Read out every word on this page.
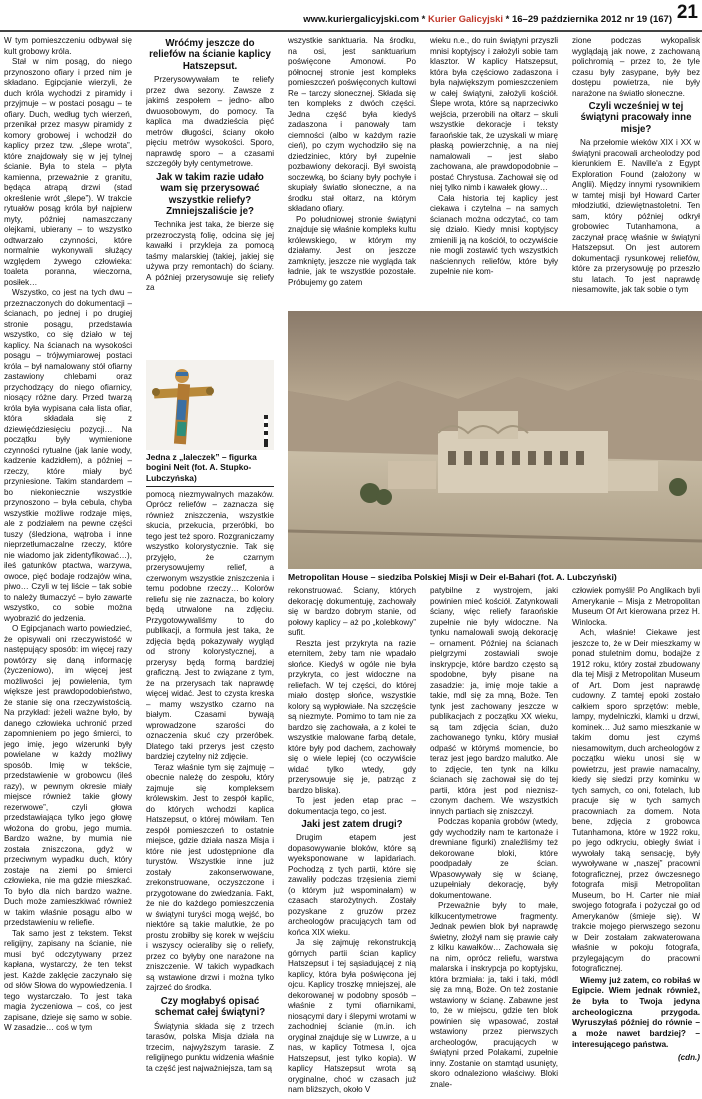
www.kuriergalicyjski.com * Kurier Galicyjski * 16–29 października 2012 nr 19 (167) 21

W tym pomieszczeniu odbywał się kult grobowy króla.

Stał w nim posąg, do niego przynoszono ofiary i przed nim je składano. Egipcjanie wierzyli, że duch króla wychodzi z piramidy i przyjmuje – w postaci posągu – te ofiary. Duch, według tych wierzeń, przenikał przez masyw piramidy z komory grobowej i wchodził do kaplicy przez tzw. „ślepe wrota”, które znajdowały się w jej tylnej ścianie. Była to stela – płyta kamienna, przeważnie z granitu, będąca atrapą drzwi (stad określenie wrót „ślepe”). W trakcie rytuałów posąg króla był najpierw myty, później namaszczany olejkami, ubierany – to wszystko odtwarzało czynności, które normalnie wykonywali służący względem żywego człowieka: toaleta poranna, wieczorna, posiłek…

Wszystko, co jest na tych dwu – przeznaczonych do dokumentacji – ścianach, po jednej i po drugiej stronie posągu, przedstawia wszystko, co się działo w tej kaplicy. Na ścianach na wysokości posągu – trójwymiarowej postaci króla – był namalowany stół ofiarny zastawiony chlebami oraz przychodzący do niego ofiarnicy, niosący różne dary. Przed twarzą króla była wypisana cała lista ofiar, która składała się z dziewięćdziesięciu pozycji… Na początku były wymienione czynności rytualne (jak lanie wody, kadzenie kadzidłem), a później – rzeczy, które miały być przyniesione. Takim standardem – bo niekoniecznie wszystkie przynoszono – była cebula, chyba wszystkie możliwe rodzaje mięs, ale z podziałem na pewne części tuszy (śledziona, wątroba i inne nieprzetłumaczalne rzeczy, które nie wiadomo jak zidentyfikować…), ileś gatunków ptactwa, warzywa, owoce, pięć bodaje rodzajów wina, piwo… Czyli w tej liście – tak sobie to należy tłumaczyć – było zawarte wszystko, co sobie można wyobrazić do jedzenia.

O Egipcjanach warto powiedzieć, że opisywali oni rzeczywistość w następujący sposób: im więcej razy powtórzy się daną informację (życzeniowo), im więcej jest możliwości jej powielenia, tym większe jest prawdopodobieństwo, że stanie się ona rzeczywistością. Na przykład: jeżeli ważne było, by danego człowieka uchronić przed zapomnieniem po jego śmierci, to jego imię, jego wizerunki były powielane w każdy możliwy sposób. Imię w tekście, przedstawienie w grobowcu (ileś razy), w pewnym okresie miały miejsce również takie głowy rezerwowe”, czyli głowa przedstawiająca tylko jego głowę włożona do grobu, jego mumia. Bardzo ważne, by mumia nie została zniszczona, gdyż w przeciwnym wypadku duch, który zostaje na ziemi po śmierci człowieka, nie ma gdzie mieszkać. To było dla nich bardzo ważne. Duch może zamieszkiwać również w takim właśnie posągu albo w przedstawieniu w reliefie.

Tak samo jest z tekstem. Tekst religijny, zapisany na ścianie, nie musi być odczytywany przez kapłana, wystarczy, że ten tekst jest. Każde zaklęcie zaczynało się od słów Słowa do wypowiedzenia. I tego wystarczało. To jest taka magia życzeniowa – coś, co jest zapisane, dzieje się samo w sobie. W zasadzie… coś w tym

Wróćmy jeszcze do reliefów na ścianie kaplicy Hatszepsut.

Przerysowywałam te reliefy przez dwa sezony. Zawsze z jakimś zespołem – jedno- albo dwuosobowym, do pomocy. Ta kaplica ma dwadzieścia pięć metrów długości, ściany około pięciu metrów wysokości. Sporo, naprawdę sporo – a czasami szczegóły były centymetrowe.

Jak w takim razie udało wam się przerysować wszystkie reliefy? Zmniejszaliście je?

Technika jest taka, że bierze się przezroczystą folię, odcina się jej kawałki i przykleja za pomocą taśmy malarskiej (takiej, jakiej się używa przy remontach) do ściany. A później przerysowuje się reliefy za

Jedna z „laleczek” – figurka bogini Neit (fot. A. Stupko-Lubczyńska)

pomocą niezmywalnych mazaków. Oprócz reliefów – zaznacza się również zniszczenia, wszystkie skucia, przekucia, przeróbki, bo tego jest też sporo. Rozgraniczamy wszystko kolorystycznie. Tak się przyjęło, że czarnym przerysowujemy relief, a czerwonym wszystkie zniszczenia i temu podobne rzeczy… Kolorów reliefu się nie zaznacza, bo kolory będą utrwalone na zdjęciu. Przygotowywaliśmy to do publikacji, a formuła jest taka, że zdjęcia będą pokazywały wygląd od strony kolorystycznej, a przerysy będą formą bardziej graficzną. Jest to związane z tym, że na przerysach tak naprawdę więcej widać. Jest to czysta kreska – mamy wszystko czarno na białym. Czasami bywają wprowadzone szarości do oznaczenia skuć czy przeróbek. Dlatego taki przerys jest często bardziej czytelny niż zdjęcie.

Teraz właśnie tym się zajmuję – obecnie należę do zespołu, który zajmuje się kompleksem królewskim. Jest to zespół kaplic, do których wchodzi kaplica Hatszepsut, o której mówiłam. Ten zespół pomieszczeń to ostatnie miejsce, gdzie działa nasza Misja i które nie jest udostępnione dla turystów. Wszystkie inne już zostały zakonserwowane, zrekonstruowane, oczyszczone i przygotowane do zwiedzania. Fakt, że nie do każdego pomieszczenia w świątyni turyści mogą wejść, bo niektóre są takie malutkie, że po prostu zrobiłby się korek w wejściu i wszyscy ocieraliby się o reliefy, przez co byłyby one narażone na zniszczenie. W takich wypadkach są wstawione drzwi i można tylko zajrzeć do środka.

Czy mogłabyś opisać schemat całej świątyni?

Świątynia składa się z trzech tarasów, polska Misja działa na trzecim, najwyższym tarasie. Z religijnego punktu widzenia właśnie ta część jest najważniejsza, tam są

wszystkie sanktuaria. Na środku, na osi, jest sanktuarium poświęcone Amonowi. Po północnej stronie jest kompleks pomieszczeń poświęconych kultowi Re – tarczy słonecznej. Składa się ten kompleks z dwóch części. Jedna część była kiedyś zadaszona i panowały tam ciemności (albo w każdym razie cień), po czym wychodziło się na dziedziniec, który był zupełnie pozbawiony dekoracji. Był swoistą soczewką, bo ściany były pochyłe i skupiały światło słoneczne, a na środku stał ołtarz, na którym składano ofiary.

Po południowej stronie świątyni znajduje się właśnie kompleks kultu królewskiego, w którym my działamy. Jest on jeszcze zamknięty, jeszcze nie wygląda tak ładnie, jak te wszystkie pozostałe. Próbujemy go zatem

wieku n.e., do ruin świątyni przyszli mnisi koptyjscy i założyli sobie tam klasztor. W kaplicy Hatszepsut, która była częściowo zadaszona i była największym pomieszczeniem w całej świątyni, założyli kościół. Ślepe wrota, które są naprzeciwko wejścia, przerobili na ołtarz – skuli wszystkie dekoracje i teksty faraońskie tak, że uzyskali w miarę płaską powierzchnię, a na niej namalowali – jest słabo zachowana, ale prawdopodobnie – postać Chrystusa. Zachował się od niej tylko nimb i kawałek głowy…

Cała historia tej kaplicy jest ciekawa i czytelna – na samych ścianach można odczytać, co tam się działo. Kiedy mnisi koptyjscy zmienili ją na kościół, to oczywiście nie mogli zostawić tych wszystkich naściennych reliefów, które były zupełnie nie kom-

zione podczas wykopalisk wyglądają jak nowe, z zachowaną polichromią – przez to, że tyle czasu były zasypane, były bez dostępu powietrza, nie były narażone na światło słoneczne.

Czyli wcześniej w tej świątyni pracowały inne misje?

Na przełomie wieków XIX i XX w świątyni pracowali archeolodzy pod kierunkiem E. Naville'a z Egypt Exploration Found (założony w Anglii). Między innymi rysownikiem w tamtej misji był Howard Carter młodziutki, dziewiętnastoletni. Ten sam, który później odkrył grobowiec Tutanhamona, a zaczynał pracę właśnie w świątyni Hatszepsut. On jest autorem dokumentacji rysunkowej reliefów, które za przerysowuję po przeszło stu latach. To jest naprawdę niesamowite, jak tak sobie o tym

Metropolitan House – siedziba Polskiej Misji w Deir el-Bahari (fot. A. Lubczyński)

rekonstruować. Ściany, których dekorację dokumentuję, zachowały się w bardzo dobrym stanie, od połowy kaplicy – aż po „kolebkowy” sufit.

Reszta jest przykryta na razie eternitem, żeby tam nie wpadało słońce. Kiedyś w ogóle nie była przykryta, co jest widoczne na reliefach. W tej części, do której miało dostęp słońce, wszystkie kolory są wypłowiałe. Na szczęście są niezmyte. Pomimo to tam nie za bardzo się zachowała, a z kolei te wszystkie malowane farbą detale, które były pod dachem, zachowały się o wiele lepiej (co oczywiście widać tylko wtedy, gdy przerysowuje się je, patrząc z bardzo bliska).

To jest jeden etap prac – dokumentacja tego, co jest.

Jaki jest zatem drugi?

Drugim etapem jest dopasowywanie bloków, które są wyeksponowane w lapidariach. Pochodzą z tych partii, które się zawaliły podczas trzęsienia ziemi (o którym już wspominałam) w czasach starożytnych. Zostały pozyskane z gruzów przez archeologów pracujących tam od końca XIX wieku.

Ja się zajmuję rekonstrukcją górnych partii ścian kaplicy Hatszepsut i tej sąsiadującej z nią kaplicy, która była poświęcona jej ojcu. Kaplicy troszkę mniejszej, ale dekorowanej w podobny sposób – właśnie z tymi ofiarnikami, niosącymi dary i ślepymi wrotami w zachodniej ścianie (m.in. ich oryginał znajduje się w Luwrze, a u nas, w kaplicy Totmesa I, ojca Hatszepsut, jest tylko kopia). W kaplicy Hatszepsut wrota są oryginalne, choć w czasach już nam bliższych, około V

patybilne z wystrojem, jaki powinien mieć kościół. Zatynkowali ściany, więc reliefy faraońskie zupełnie nie były widoczne. Na tynku namalowali swoją dekorację – ornament. Później na ścianach pielgrzymi zostawiali swoje inskrypcje, które bardzo często są spodobne, były pisane na zasadzie: ja, imię moje takie a takie, mdl się za mną, Boże. Ten tynk jest zachowany jeszcze w publikacjach z początku XX wieku, są tam zdjęcia ścian, dużo zachowanego tynku, który musiał odpaść w którymś momencie, bo teraz jest jego bardzo malutko. Ale to zdjęcie, ten tynk na kilku ścianach się zachował się do tej partii, która jest pod niezniszczonym dachem. We wszystkich innych partiach się zniszczył.

Podczas kopania grobów (wtedy, gdy wychodziły nam te kartonaże i drewniane figurki) znaleźliśmy też dekorowane bloki, które poodpadały ze ścian. Wpasowywały się w ścianę, uzupełniały dekorację, były dokumentowane.

Przeważnie były to małe, kilkucentymetrowe fragmenty. Jednak pewien blok był naprawdę świetny, złożył nam się prawie cały z kilku kawałków… Zachowała się na nim, oprócz reliefu, warstwa malarska i inskrypcja po koptyjsku, która brzmiała: ja, taki i taki, módl się za mną, Boże. On też zostanie wstawiony w ścianę. Zabawne jest to, że w miejscu, gdzie ten blok powinien się wpasować, został wstawiony przez pierwszych archeologów, pracujących w świątyni przed Polakami, zupełnie inny. Zostanie on stamtąd usunięty, skoro odnaleziono właściwy. Bloki znale-

człowiek pomyśli! Po Anglikach byli Amerykanie – Misja z Metropolitan Museum Of Art kierowana przez H. Winlocka.

Ach, właśnie! Ciekawe jest jeszcze to, że w Deir mieszkamy w ponad stuletnim domu, bodajże z 1912 roku, który został zbudowany dla tej Misji z Metropolitan Museum of Art. Dom jest naprawdę cudowny. Z tamtej epoki zostało całkiem sporo sprzętów: meble, lampy, mydelniczki, klamki u drzwi, kominek… Już samo mieszkanie w takim domu jest czymś niesamowitym, duch archeologów z początku wieku unosi się w powietrzu, jest prawie namacalny, kiedy się siedzi przy kominku w tych samych, co oni, fotelach, lub pracuje się w tych samych pracowniach za domem. Nota bene, zdjęcia z grobowca Tutanhamona, które w 1922 roku, po jego odkryciu, obiegły świat i wywołały taką sensację, były wywoływane w „naszej” pracowni fotograficznej, przez ówczesnego fotografa misji Metropolitan Museum, bo H. Carter nie miał swojego fotografa i pożyczał go od Amerykanów (śmieje się). W trakcie mojego pierwszego sezonu w Deir zostałam zakwaterowana właśnie w pokoju fotografa, przylegającym do pracowni fotograficznej.

Wiemy już zatem, co robiłaś w Egipcie. Wiem jednak również, że była to Twoja jedyna archeologiczna przygoda. Wyruszyłaś później do równie – a może nawet bardziej? – interesującego państwa.

(cdn.)
